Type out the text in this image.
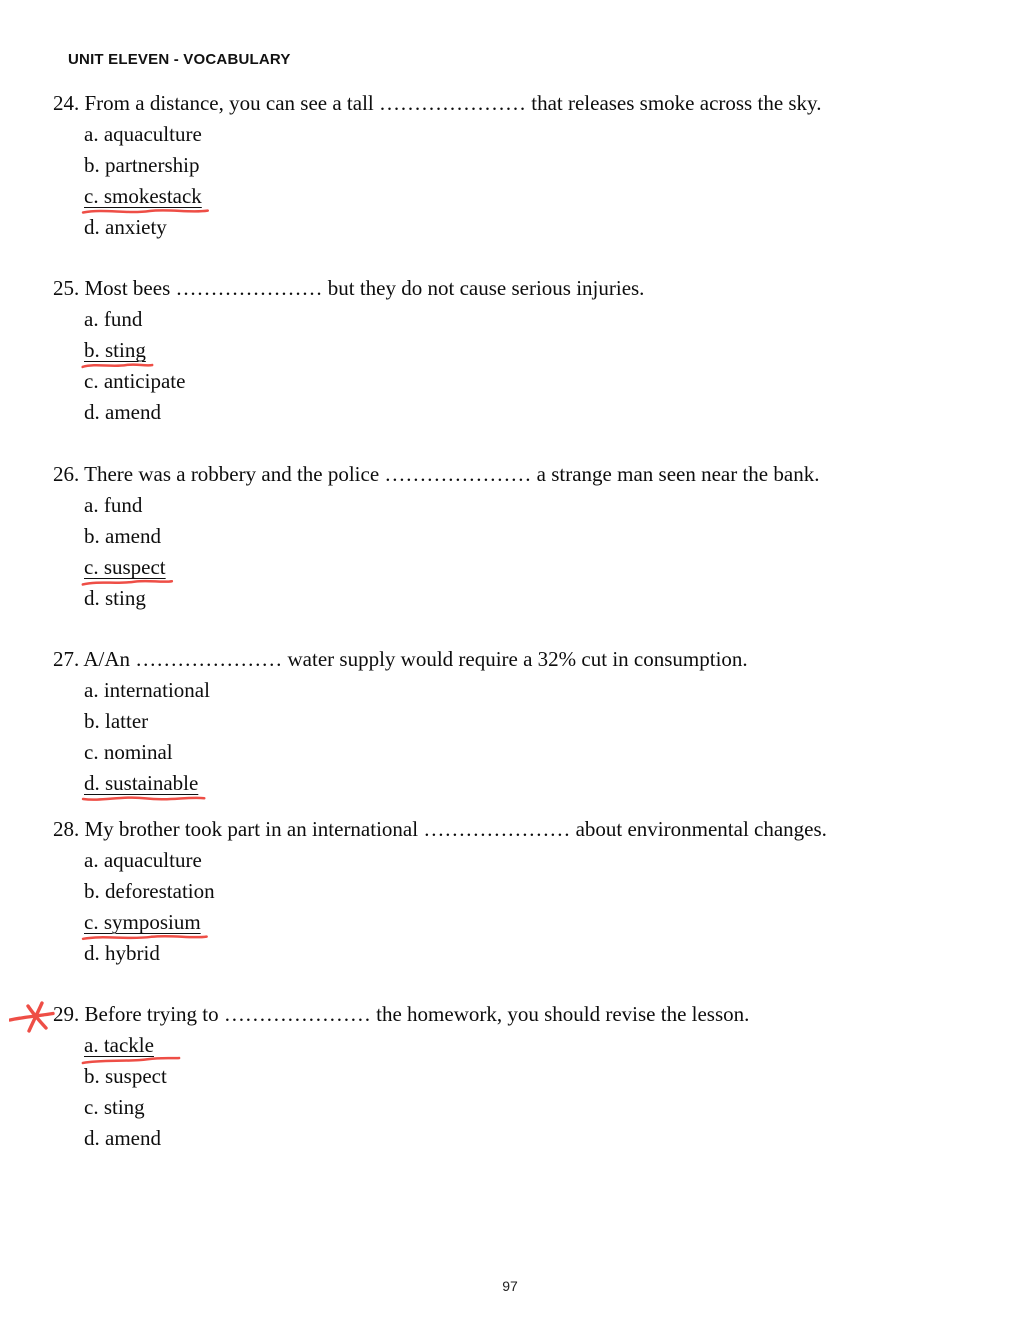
UNIT ELEVEN - VOCABULARY
24. From a distance, you can see a tall ………………… that releases smoke across the sky.
a. aquaculture
b. partnership
c. smokestack
d. anxiety
25. Most bees ………………… but they do not cause serious injuries.
a. fund
b. sting
c. anticipate
d. amend
26. There was a robbery and the police ………………… a strange man seen near the bank.
a. fund
b. amend
c. suspect
d. sting
27. A/An ………………… water supply would require a 32% cut in consumption.
a. international
b. latter
c. nominal
d. sustainable
28. My brother took part in an international ………………… about environmental changes.
a. aquaculture
b. deforestation
c. symposium
d. hybrid
29. Before trying to ………………… the homework, you should revise the lesson.
a. tackle
b. suspect
c. sting
d. amend
97
